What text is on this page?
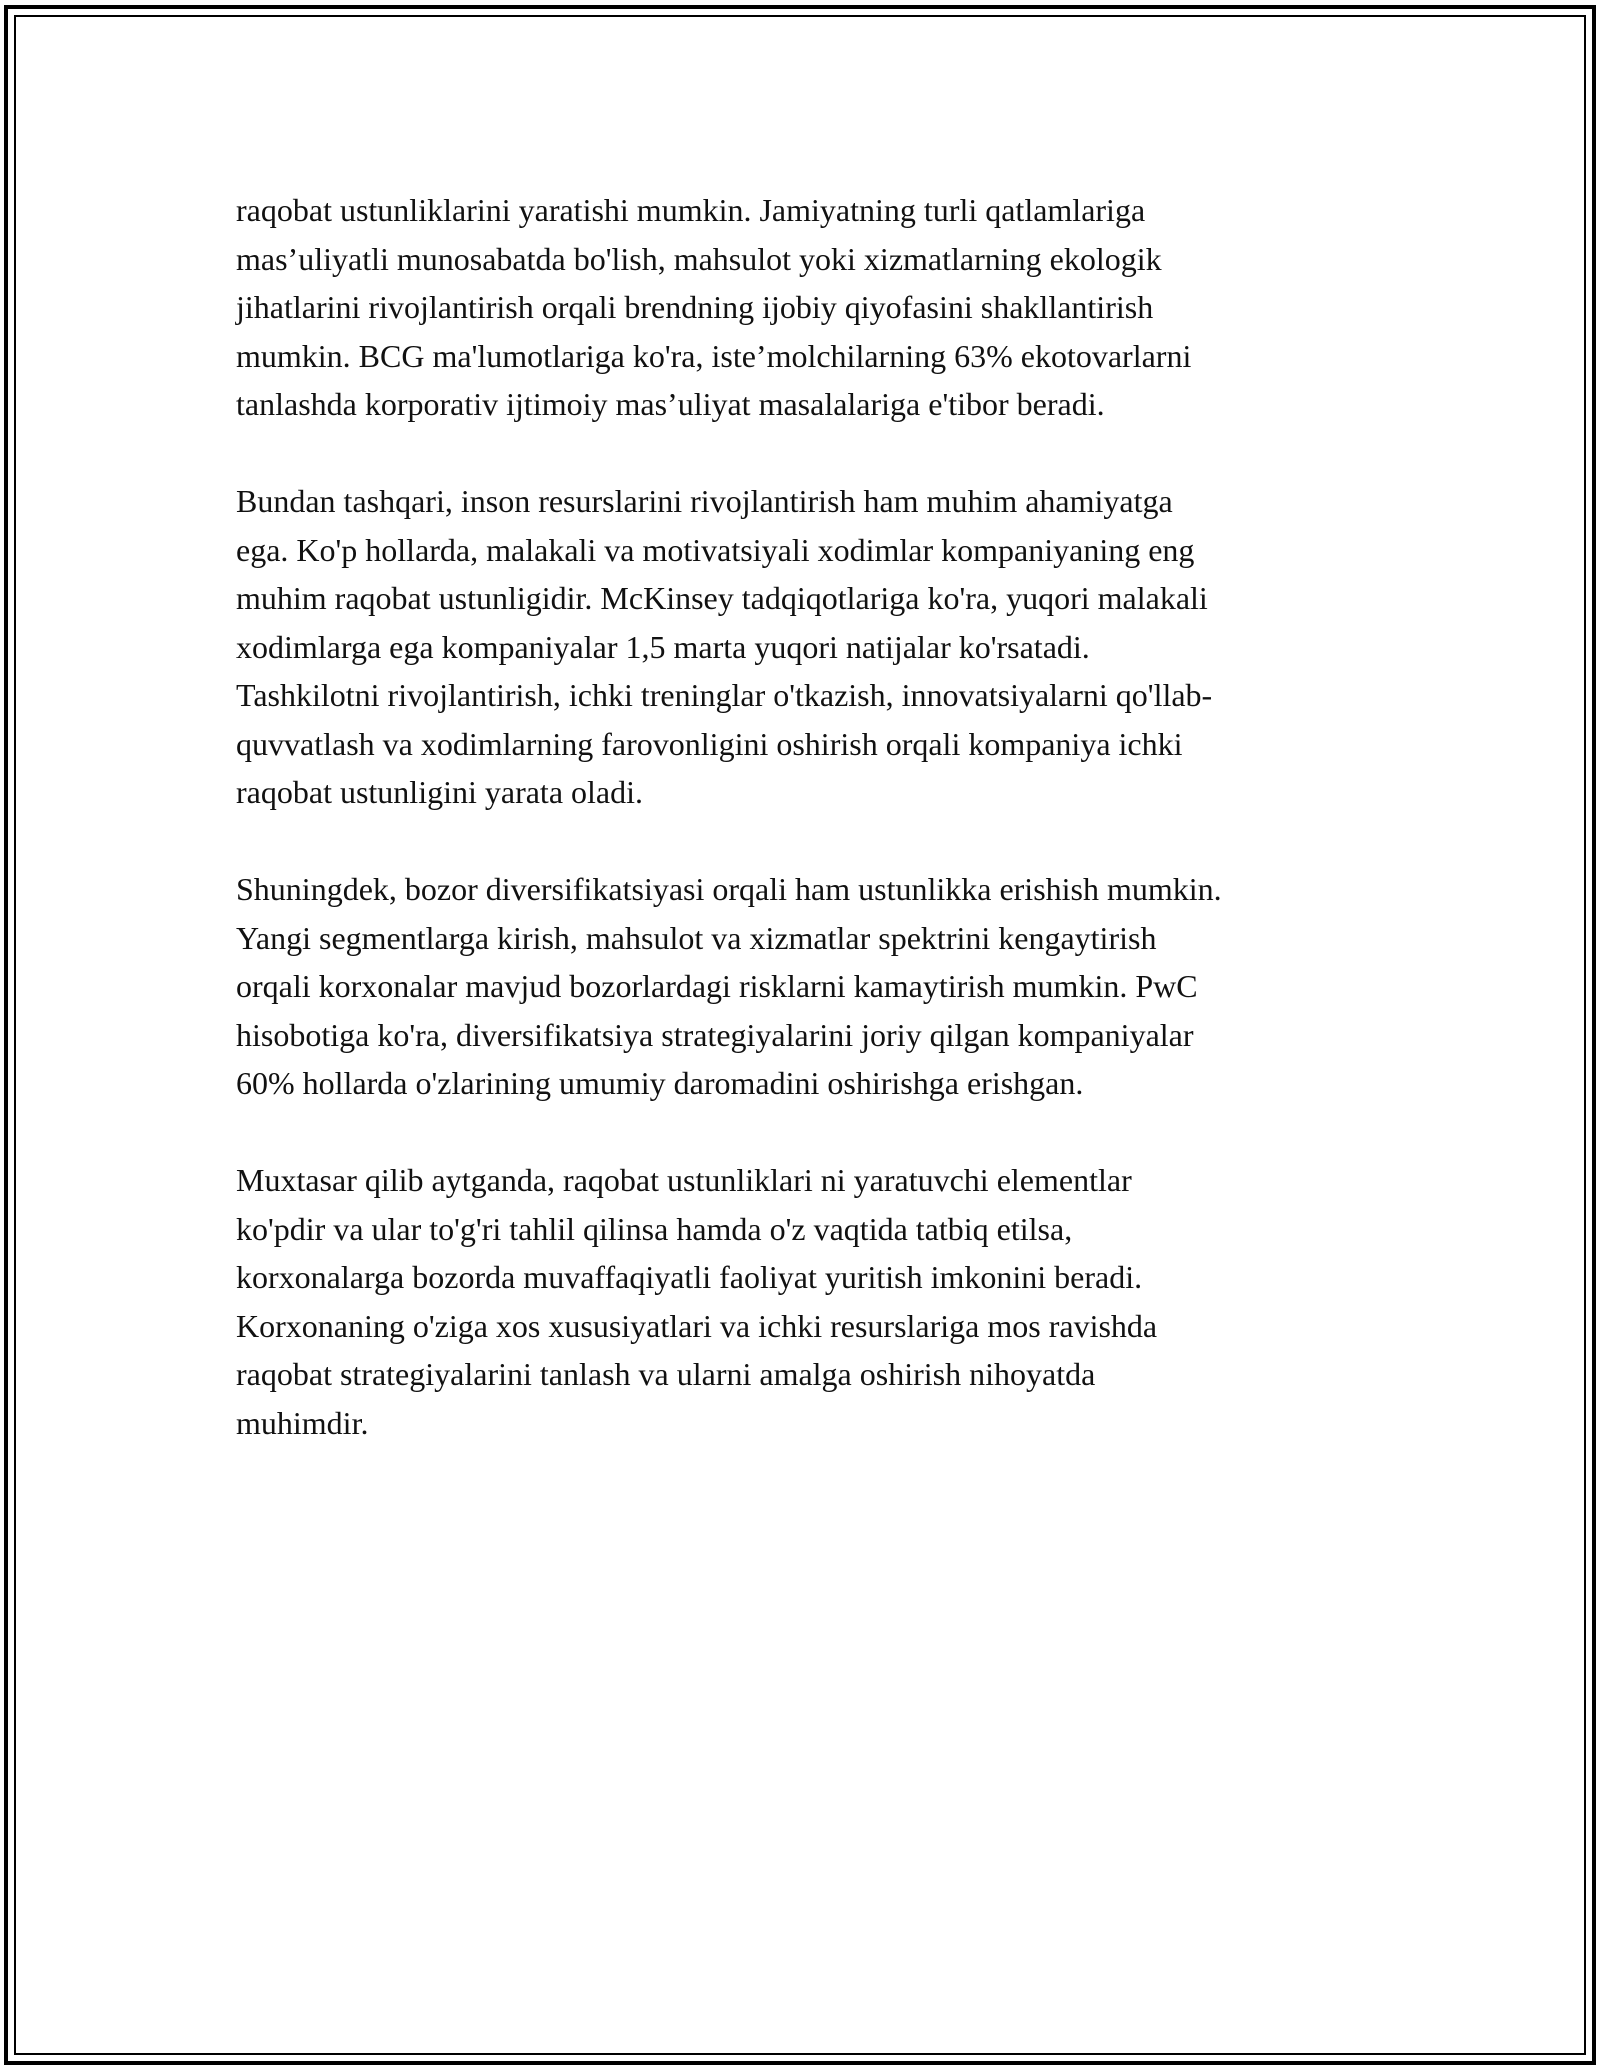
raqobat ustunliklarini yaratishi mumkin. Jamiyatning turli qatlamlariga
mas’uliyatli munosabatda bo'lish, mahsulot yoki xizmatlarning ekologik
jihatlarini rivojlantirish orqali brendning ijobiy qiyofasini shakllantirish
mumkin. BCG ma'lumotlariga ko'ra, iste’molchilarning 63% ekotovarlarni
tanlashda korporativ ijtimoiy mas’uliyat masalalariga e'tibor beradi.

Bundan tashqari, inson resurslarini rivojlantirish ham muhim ahamiyatga
ega. Ko'p hollarda, malakali va motivatsiyali xodimlar kompaniyaning eng
muhim raqobat ustunligidir. McKinsey tadqiqotlariga ko'ra, yuqori malakali
xodimlarga ega kompaniyalar 1,5 marta yuqori natijalar ko'rsatadi.
Tashkilotni rivojlantirish, ichki treninglar o'tkazish, innovatsiyalarni qo'llab-
quvvatlash va xodimlarning farovonligini oshirish orqali kompaniya ichki
raqobat ustunligini yarata oladi.

Shuningdek, bozor diversifikatsiyasi orqali ham ustunlikka erishish mumkin.
Yangi segmentlarga kirish, mahsulot va xizmatlar spektrini kengaytirish
orqali korxonalar mavjud bozorlardagi risklarni kamaytirish mumkin. PwC
hisobotiga ko'ra, diversifikatsiya strategiyalarini joriy qilgan kompaniyalar
60% hollarda o'zlarining umumiy daromadini oshirishga erishgan.

Muxtasar qilib aytganda, raqobat ustunliklari ni yaratuvchi elementlar
ko'pdir va ular to'g'ri tahlil qilinsa hamda o'z vaqtida tatbiq etilsa,
korxonalarga bozorda muvaffaqiyatli faoliyat yuritish imkonini beradi.
Korxonaning o'ziga xos xususiyatlari va ichki resurslariga mos ravishda
raqobat strategiyalarini tanlash va ularni amalga oshirish nihoyatda
muhimdir.
